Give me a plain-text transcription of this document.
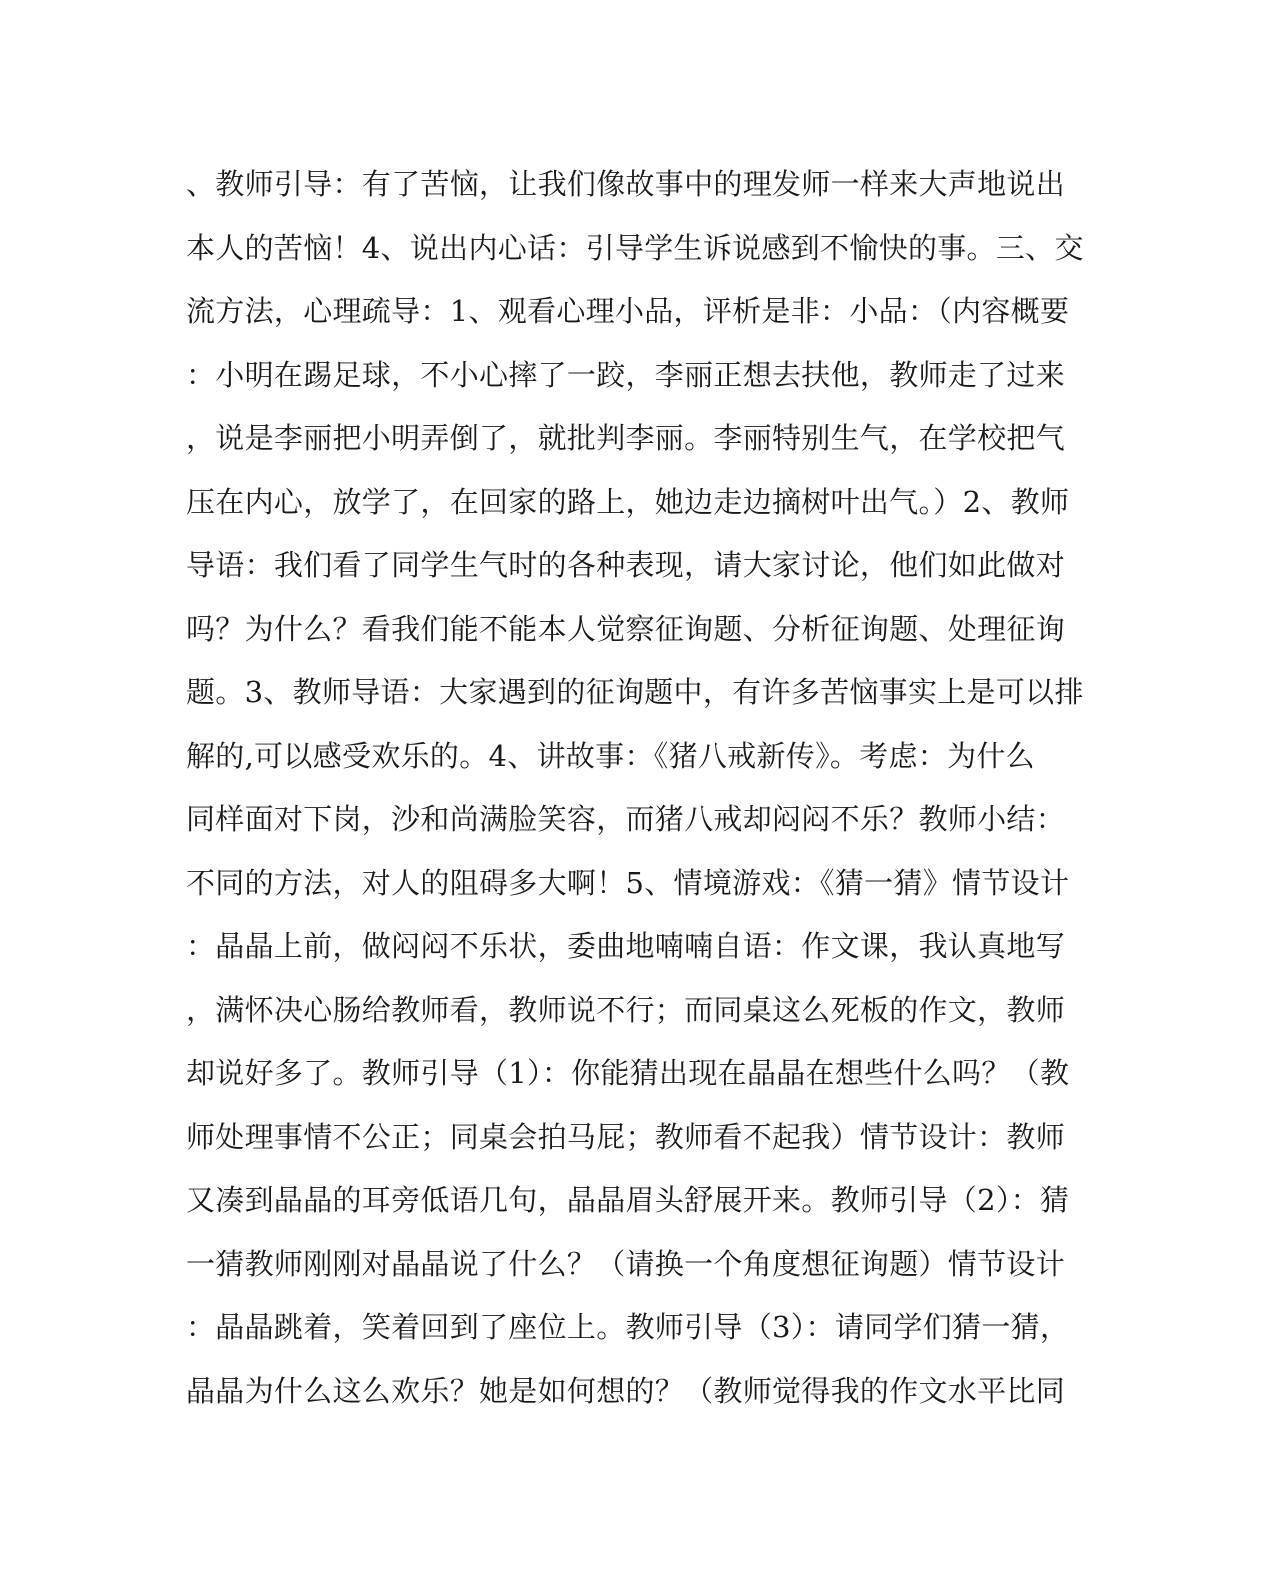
、教师引导：有了苦恼，让我们像故事中的理发师一样来大声地说出
本人的苦恼！4、说出内心话：引导学生诉说感到不愉快的事。三、交
流方法，心理疏导：1、观看心理小品，评析是非：小品：（内容概要
：小明在踢足球，不小心摔了一跤，李丽正想去扶他，教师走了过来
，说是李丽把小明弄倒了，就批判李丽。李丽特别生气，在学校把气
压在内心，放学了，在回家的路上，她边走边摘树叶出气。）2、教师
导语：我们看了同学生气时的各种表现，请大家讨论，他们如此做对
吗？为什么？看我们能不能本人觉察征询题、分析征询题、处理征询
题。3、教师导语：大家遇到的征询题中，有许多苦恼事实上是可以排
解的,可以感受欢乐的。4、讲故事：《猪八戒新传》。考虑：为什么
同样面对下岗，沙和尚满脸笑容，而猪八戒却闷闷不乐？教师小结：
不同的方法，对人的阻碍多大啊！5、情境游戏：《猜一猜》情节设计
：晶晶上前，做闷闷不乐状，委曲地喃喃自语：作文课，我认真地写
，满怀决心肠给教师看，教师说不行；而同桌这么死板的作文，教师
却说好多了。教师引导（1）：你能猜出现在晶晶在想些什么吗？（教
师处理事情不公正；同桌会拍马屁；教师看不起我）情节设计：教师
又凑到晶晶的耳旁低语几句，晶晶眉头舒展开来。教师引导（2）：猜
一猜教师刚刚对晶晶说了什么？（请换一个角度想征询题）情节设计
：晶晶跳着，笑着回到了座位上。教师引导（3）：请同学们猜一猜，
晶晶为什么这么欢乐？她是如何想的？（教师觉得我的作文水平比同
